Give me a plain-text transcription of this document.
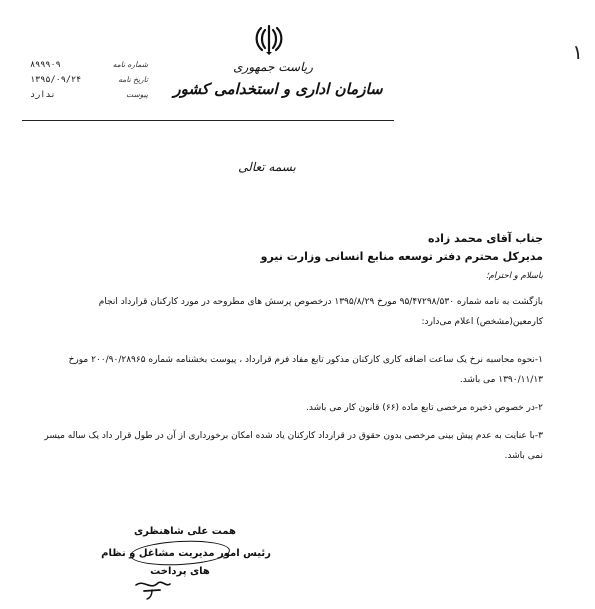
١
ریاست جمهوری
سازمان اداری و استخدامی کشور
۸۹۹۹۰۹	شماره نامه
۱۳۹۵/۰۹/۲۴	تاریخ نامه
ندارد	پیوست
بسمه تعالی
جناب آقای محمد زاده
مدیرکل محترم دفتر توسعه منابع انسانی وزارت نیرو
باسلام و احترام؛
بازگشت به نامه شماره ۹۵/۴۷۲۹۸/۵۳۰ مورخ ۱۳۹۵/۸/۲۹ درخصوص پرسش های مطروحه در مورد کارکنان قرارداد انجام کارمعین(مشخص) اعلام می‌دارد:
۱-نحوه محاسبه نرخ یک ساعت اضافه کاری کارکنان مذکور تابع مفاد فرم قرارداد ، پیوست بخشنامه شماره ۲۰۰/۹۰/۲۸۹۶۵ مورخ ۱۳۹۰/۱۱/۱۳ می باشد.
۲-در خصوص ذخیره مرخصی تابع ماده (۶۶) قانون کار می باشد.
۳-با عنایت به عدم پیش بینی مرخصی بدون حقوق در قرارداد کارکنان یاد شده امکان برخورداری از آن در طول قرار داد یک ساله میسر نمی باشد.
همت علی شاهنظری
رئیس امور مدیریت مشاغل و نظام
های پرداخت
